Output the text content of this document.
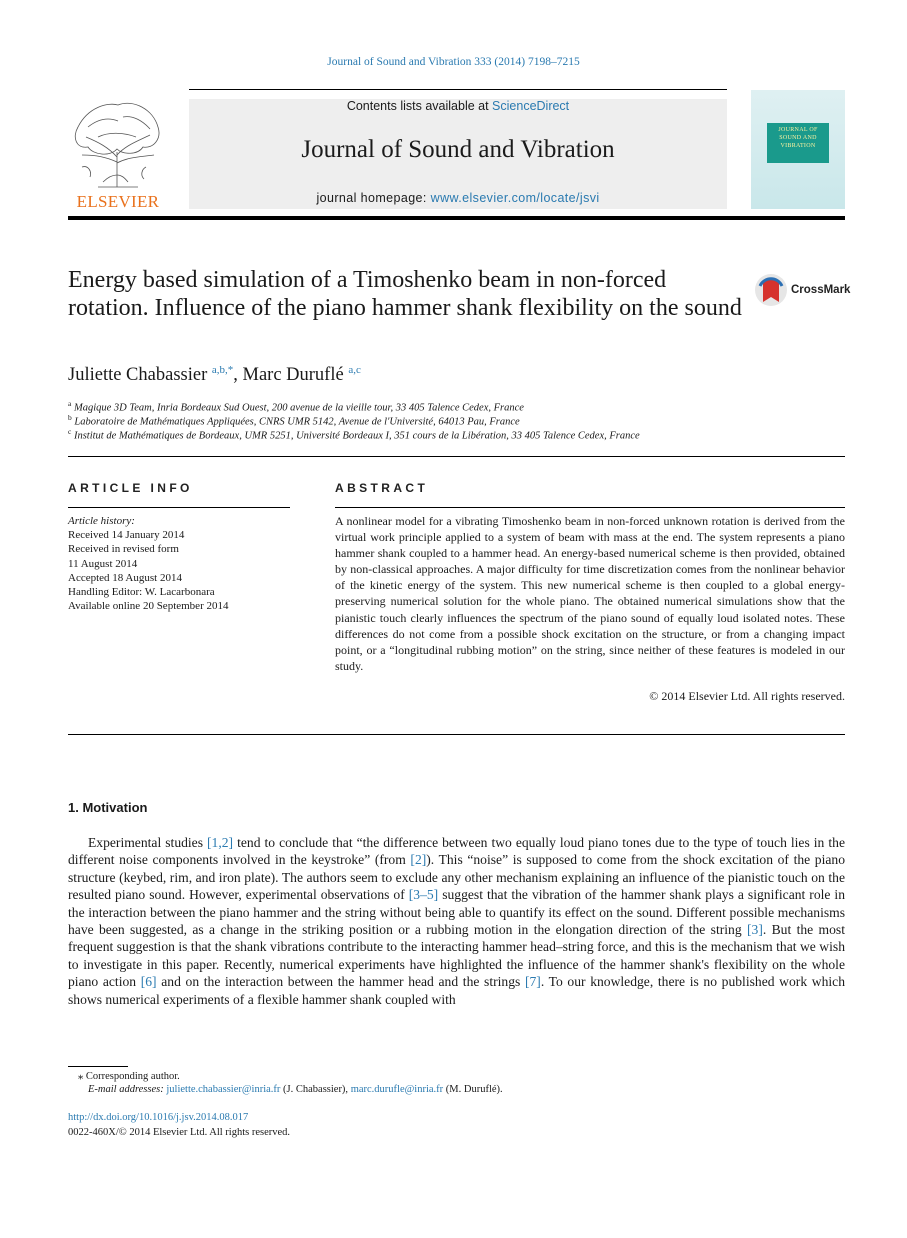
Journal of Sound and Vibration 333 (2014) 7198–7215
ELSEVIER
Contents lists available at ScienceDirect
Journal of Sound and Vibration
journal homepage: www.elsevier.com/locate/jsvi
JOURNAL OF SOUND AND VIBRATION
Energy based simulation of a Timoshenko beam in non-forced rotation. Influence of the piano hammer shank flexibility on the sound
CrossMark
Juliette Chabassier $^{a,b,*}$, Marc Duruflé $^{a,c}$
$^a$ Magique 3D Team, Inria Bordeaux Sud Ouest, 200 avenue de la vieille tour, 33 405 Talence Cedex, France
$^b$ Laboratoire de Mathématiques Appliquées, CNRS UMR 5142, Avenue de l'Université, 64013 Pau, France
$^c$ Institut de Mathématiques de Bordeaux, UMR 5251, Université Bordeaux I, 351 cours de la Libération, 33 405 Talence Cedex, France
ARTICLE INFO
Article history:
Received 14 January 2014
Received in revised form
11 August 2014
Accepted 18 August 2014
Handling Editor: W. Lacarbonara
Available online 20 September 2014
ABSTRACT
A nonlinear model for a vibrating Timoshenko beam in non-forced unknown rotation is derived from the virtual work principle applied to a system of beam with mass at the end. The system represents a piano hammer shank coupled to a hammer head. An energy-based numerical scheme is then provided, obtained by non-classical approaches. A major difficulty for time discretization comes from the nonlinear behavior of the kinetic energy of the system. This new numerical scheme is then coupled to a global energy-preserving numerical solution for the whole piano. The obtained numerical simulations show that the pianistic touch clearly influences the spectrum of the piano sound of equally loud isolated notes. These differences do not come from a possible shock excitation on the structure, or from a changing impact point, or a “longitudinal rubbing motion” on the string, since neither of these features is modeled in our study.
© 2014 Elsevier Ltd. All rights reserved.
1. Motivation
Experimental studies [1,2] tend to conclude that “the difference between two equally loud piano tones due to the type of touch lies in the different noise components involved in the keystroke” (from [2]). This “noise” is supposed to come from the shock excitation of the piano structure (keybed, rim, and iron plate). The authors seem to exclude any other mechanism explaining an influence of the pianistic touch on the resulted piano sound. However, experimental observations of [3–5] suggest that the vibration of the hammer shank plays a significant role in the interaction between the piano hammer and the string without being able to quantify its effect on the sound. Different possible mechanisms have been suggested, as a change in the striking position or a rubbing motion in the elongation direction of the string [3]. But the most frequent suggestion is that the shank vibrations contribute to the interacting hammer head–string force, and this is the mechanism that we wish to investigate in this paper. Recently, numerical experiments have highlighted the influence of the hammer shank's flexibility on the whole piano action [6] and on the interaction between the hammer head and the strings [7]. To our knowledge, there is no published work which shows numerical experiments of a flexible hammer shank coupled with
⁎ Corresponding author.
E-mail addresses: juliette.chabassier@inria.fr (J. Chabassier), marc.durufle@inria.fr (M. Duruflé).
http://dx.doi.org/10.1016/j.jsv.2014.08.017
0022-460X/© 2014 Elsevier Ltd. All rights reserved.
